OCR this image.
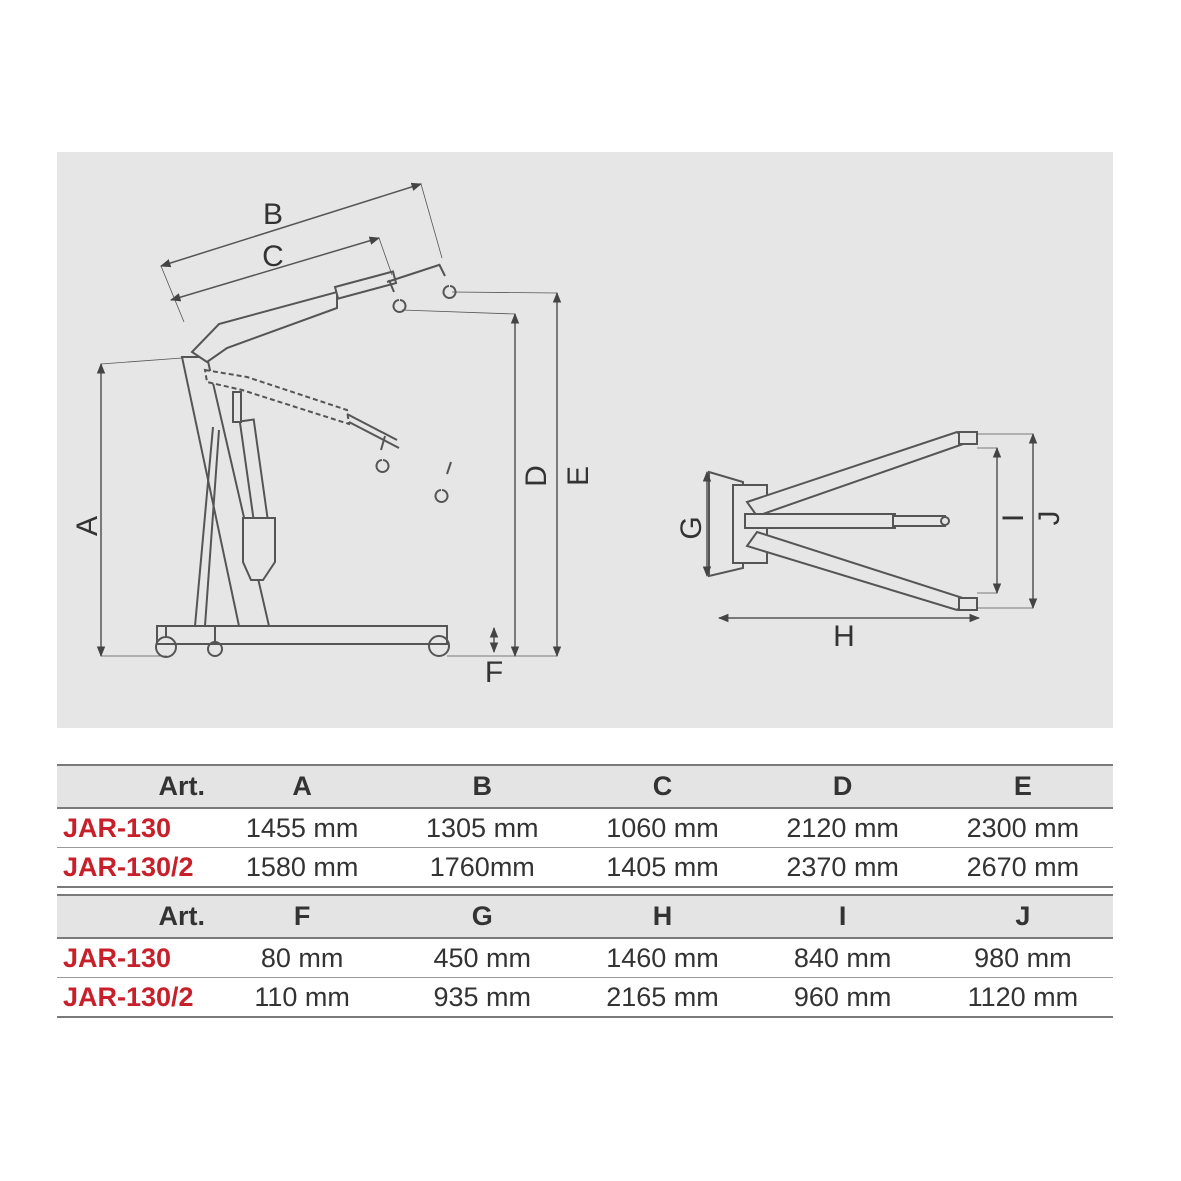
A
B
C
D E
F
G
H
I J
Art.	A	B	C	D	E
JAR-130	1455 mm	1305 mm	1060 mm	2120 mm	2300 mm
JAR-130/2	1580 mm	1760mm	1405 mm	2370 mm	2670 mm
Art.	F	G	H	I	J
JAR-130	80 mm	450 mm	1460 mm	840 mm	980 mm
JAR-130/2	110 mm	935 mm	2165 mm	960 mm	1120 mm
